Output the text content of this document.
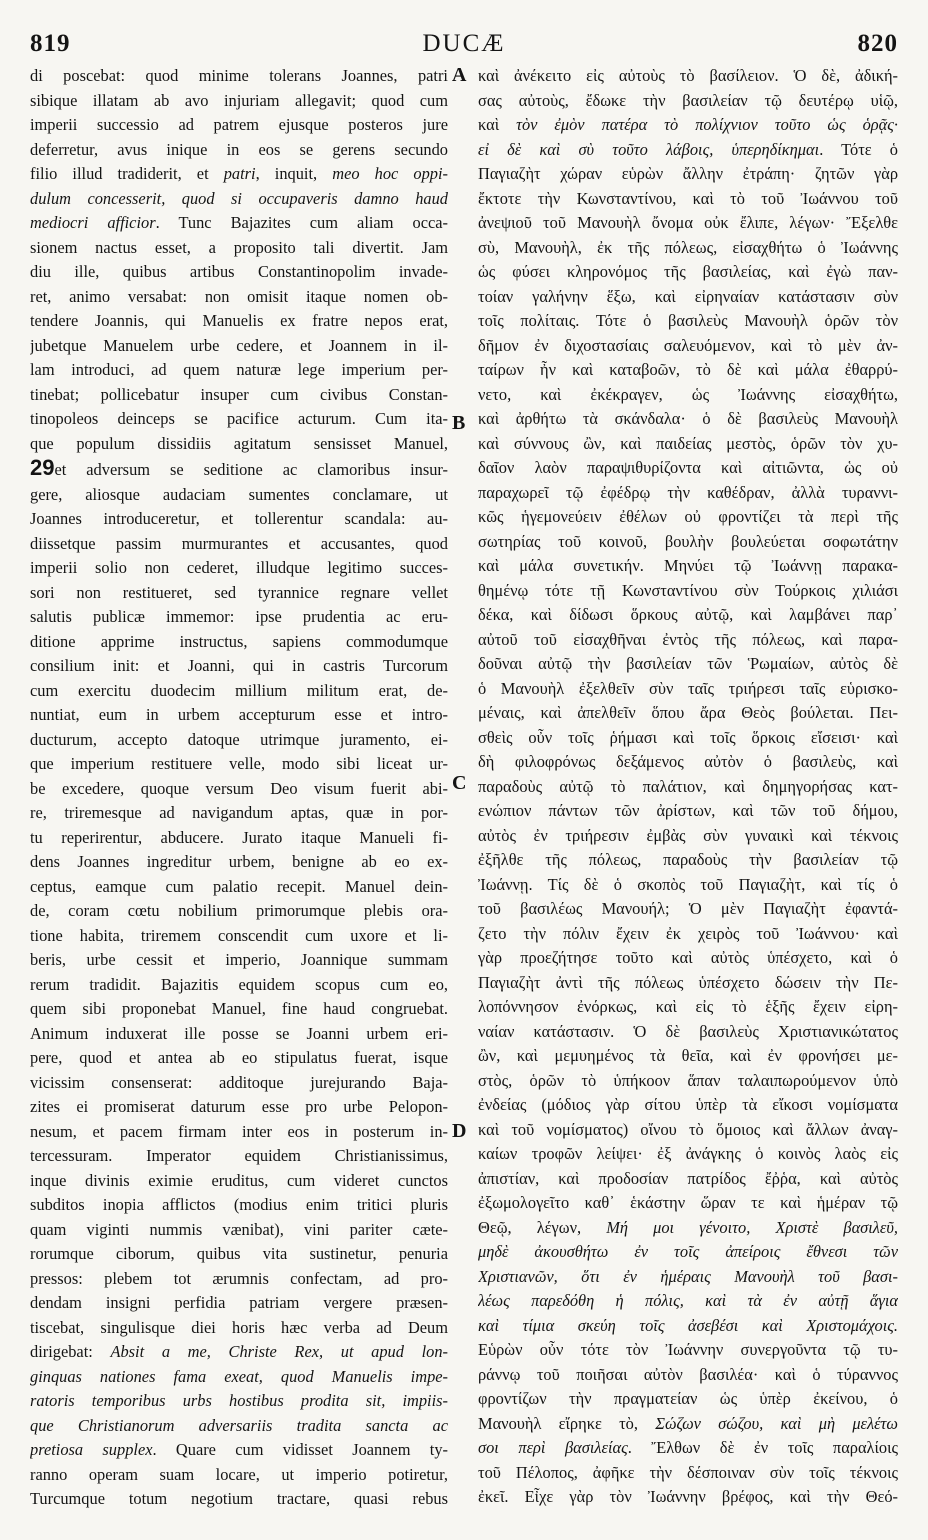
819	DUCÆ	820
A
B
C
D
di poscebat: quod minime tolerans Joannes, patri
sibique illatam ab avo injuriam allegavit; quod cum
imperii successio ad patrem ejusque posteros jure
deferretur, avus inique in eos se gerens secundo
filio illud tradiderit, et patri, inquit, meo hoc oppi-
dulum concesserit, quod si occupaveris damno haud
mediocri afficior. Tunc Bajazites cum aliam occa-
sionem nactus esset, a proposito tali divertit. Jam
diu ille, quibus artibus Constantinopolim invade-
ret, animo versabat: non omisit itaque nomen ob-
tendere Joannis, qui Manuelis ex fratre nepos erat,
jubetque Manuelem urbe cedere, et Joannem in il-
lam introduci, ad quem naturæ lege imperium per-
tinebat; pollicebatur insuper cum civibus Constan-
tinopoleos deinceps se pacifice acturum. Cum ita-
que populum dissidiis agitatum sensisset Manuel,
29et adversum se seditione ac clamoribus insur-
gere, aliosque audaciam sumentes conclamare, ut
Joannes introduceretur, et tollerentur scandala: au-
diissetque passim murmurantes et accusantes, quod
imperii solio non cederet, illudque legitimo succes-
sori non restitueret, sed tyrannice regnare vellet
salutis publicæ immemor: ipse prudentia ac eru-
ditione apprime instructus, sapiens commodumque
consilium init: et Joanni, qui in castris Turcorum
cum exercitu duodecim millium militum erat, de-
nuntiat, eum in urbem accepturum esse et intro-
ducturum, accepto datoque utrimque juramento, ei-
que imperium restituere velle, modo sibi liceat ur-
be excedere, quoque versum Deo visum fuerit abi-
re, triremesque ad navigandum aptas, quæ in por-
tu reperirentur, abducere. Jurato itaque Manueli fi-
dens Joannes ingreditur urbem, benigne ab eo ex-
ceptus, eamque cum palatio recepit. Manuel dein-
de, coram cœtu nobilium primorumque plebis ora-
tione habita, triremem conscendit cum uxore et li-
beris, urbe cessit et imperio, Joannique summam
rerum tradidit. Bajazitis equidem scopus cum eo,
quem sibi proponebat Manuel, fine haud congruebat.
Animum induxerat ille posse se Joanni urbem eri-
pere, quod et antea ab eo stipulatus fuerat, isque
vicissim consenserat: additoque jurejurando Baja-
zites ei promiserat daturum esse pro urbe Pelopon-
nesum, et pacem firmam inter eos in posterum in-
tercessuram. Imperator equidem Christianissimus,
inque divinis eximie eruditus, cum videret cunctos
subditos inopia afflictos (modius enim tritici pluris
quam viginti nummis vænibat), vini pariter cæte-
rorumque ciborum, quibus vita sustinetur, penuria
pressos: plebem tot ærumnis confectam, ad pro-
dendam insigni perfidia patriam vergere præsen-
tiscebat, singulisque diei horis hæc verba ad Deum
dirigebat: Absit a me, Christe Rex, ut apud lon-
ginquas nationes fama exeat, quod Manuelis impe-
ratoris temporibus urbs hostibus prodita sit, impiis-
que Christianorum adversariis tradita sancta ac
pretiosa supplex. Quare cum vidisset Joannem ty-
ranno operam suam locare, ut imperio potiretur,
Turcumque totum negotium tractare, quasi rebus
καὶ ἀνέκειτο εἰς αὐτοὺς τὸ βασίλειον. Ὁ δὲ, ἀδική-
σας αὐτοὺς, ἔδωκε τὴν βασιλείαν τῷ δευτέρῳ υἱῷ,
καὶ τὸν ἐμὸν πατέρα τὸ πολίχνιον τοῦτο ὡς ὁρᾷς·
εἰ δὲ καὶ σὺ τοῦτο λάβοις, ὑπερηδίκημαι. Τότε ὁ
Παγιαζὴτ χώραν εὑρὼν ἄλλην ἐτράπη· ζητῶν γὰρ
ἔκτοτε τὴν Κωνσταντίνου, καὶ τὸ τοῦ Ἰωάννου τοῦ
ἀνεψιοῦ τοῦ Μανουὴλ ὄνομα οὐκ ἔλιπε, λέγων· Ἔξελθε
σὺ, Μανουὴλ, ἐκ τῆς πόλεως, εἰσαχθήτω ὁ Ἰωάννης
ὡς φύσει κληρονόμος τῆς βασιλείας, καὶ ἐγὼ παν-
τοίαν γαλήνην ἕξω, καὶ εἰρηναίαν κατάστασιν σὺν
τοῖς πολίταις. Τότε ὁ βασιλεὺς Μανουὴλ ὁρῶν τὸν
δῆμον ἐν διχοστασίαις σαλευόμενον, καὶ τὸ μὲν ἀν-
ταίρων ἦν καὶ καταβοῶν, τὸ δὲ καὶ μάλα ἐθαρρύ-
νετο, καὶ ἐκέκραγεν, ὡς Ἰωάννης εἰσαχθήτω,
καὶ ἀρθήτω τὰ σκάνδαλα· ὁ δὲ βασιλεὺς Μανουὴλ
καὶ σύννους ὢν, καὶ παιδείας μεστὸς, ὁρῶν τὸν χυ-
δαῖον λαὸν παραψιθυρίζοντα καὶ αἰτιῶντα, ὡς οὐ
παραχωρεῖ τῷ ἐφέδρῳ τὴν καθέδραν, ἀλλὰ τυραννι-
κῶς ἡγεμονεύειν ἐθέλων οὐ φροντίζει τὰ περὶ τῆς
σωτηρίας τοῦ κοινοῦ, βουλὴν βουλεύεται σοφωτάτην
καὶ μάλα συνετικήν. Μηνύει τῷ Ἰωάννῃ παρακα-
θημένῳ τότε τῇ Κωνσταντίνου σὺν Τούρκοις χιλιάσι
δέκα, καὶ δίδωσι ὅρκους αὐτῷ, καὶ λαμβάνει παρ᾽
αὐτοῦ τοῦ εἰσαχθῆναι ἐντὸς τῆς πόλεως, καὶ παρα-
δοῦναι αὐτῷ τὴν βασιλείαν τῶν Ῥωμαίων, αὐτὸς δὲ
ὁ Μανουὴλ ἐξελθεῖν σὺν ταῖς τριήρεσι ταῖς εὑρισκο-
μέναις, καὶ ἀπελθεῖν ὅπου ἄρα Θεὸς βούλεται. Πει-
σθεὶς οὖν τοῖς ῥήμασι καὶ τοῖς ὅρκοις εἴσεισι· καὶ
δὴ φιλοφρόνως δεξάμενος αὐτὸν ὁ βασιλεὺς, καὶ
παραδοὺς αὐτῷ τὸ παλάτιον, καὶ δημηγορήσας κατ-
ενώπιον πάντων τῶν ἀρίστων, καὶ τῶν τοῦ δήμου,
αὐτὸς ἐν τριήρεσιν ἐμβὰς σὺν γυναικὶ καὶ τέκνοις
ἐξῆλθε τῆς πόλεως, παραδοὺς τὴν βασιλείαν τῷ
Ἰωάννῃ. Τίς δὲ ὁ σκοπὸς τοῦ Παγιαζὴτ, καὶ τίς ὁ
τοῦ βασιλέως Μανουήλ; Ὁ μὲν Παγιαζὴτ ἐφαντά-
ζετο τὴν πόλιν ἔχειν ἐκ χειρὸς τοῦ Ἰωάννου· καὶ
γὰρ προεζήτησε τοῦτο καὶ αὐτὸς ὑπέσχετο, καὶ ὁ
Παγιαζὴτ ἀντὶ τῆς πόλεως ὑπέσχετο δώσειν τὴν Πε-
λοπόννησον ἐνόρκως, καὶ εἰς τὸ ἑξῆς ἔχειν εἰρη-
ναίαν κατάστασιν. Ὁ δὲ βασιλεὺς Χριστιανικώτατος
ὢν, καὶ μεμυημένος τὰ θεῖα, καὶ ἐν φρονήσει με-
στὸς, ὁρῶν τὸ ὑπήκοον ἅπαν ταλαιπωρούμενον ὑπὸ
ἐνδείας (μόδιος γὰρ σίτου ὑπὲρ τὰ εἴκοσι νομίσματα
καὶ τοῦ νομίσματος) οἴνου τὸ ὅμοιος καὶ ἄλλων ἀναγ-
καίων τροφῶν λείψει· ἐξ ἀνάγκης ὁ κοινὸς λαὸς εἰς
ἀπιστίαν, καὶ προδοσίαν πατρίδος ἔῤῥα, καὶ αὐτὸς
ἐξωμολογεῖτο καθ᾽ ἑκάστην ὥραν τε καὶ ἡμέραν τῷ
Θεῷ, λέγων, Μή μοι γένοιτο, Χριστὲ βασιλεῦ,
μηδὲ ἀκουσθήτω ἐν τοῖς ἀπείροις ἔθνεσι τῶν
Χριστιανῶν, ὅτι ἐν ἡμέραις Μανουὴλ τοῦ βασι-
λέως παρεδόθη ἡ πόλις, καὶ τὰ ἐν αὐτῇ ἅγια
καὶ τίμια σκεύη τοῖς ἀσεβέσι καὶ Χριστομάχοις.
Εὑρὼν οὖν τότε τὸν Ἰωάννην συνεργοῦντα τῷ τυ-
ράννῳ τοῦ ποιῆσαι αὐτὸν βασιλέα· καὶ ὁ τύραννος
φροντίζων τὴν πραγματείαν ὡς ὑπὲρ ἐκείνου, ὁ
Μανουὴλ εἴρηκε τὸ, Σώζων σώζου, καὶ μὴ μελέτω
σοι περὶ βασιλείας. Ἔλθων δὲ ἐν τοῖς παραλίοις
τοῦ Πέλοπος, ἀφῆκε τὴν δέσποιναν σὺν τοῖς τέκνοις
ἐκεῖ. Εἶχε γὰρ τὸν Ἰωάννην βρέφος, καὶ τὴν Θεό-
